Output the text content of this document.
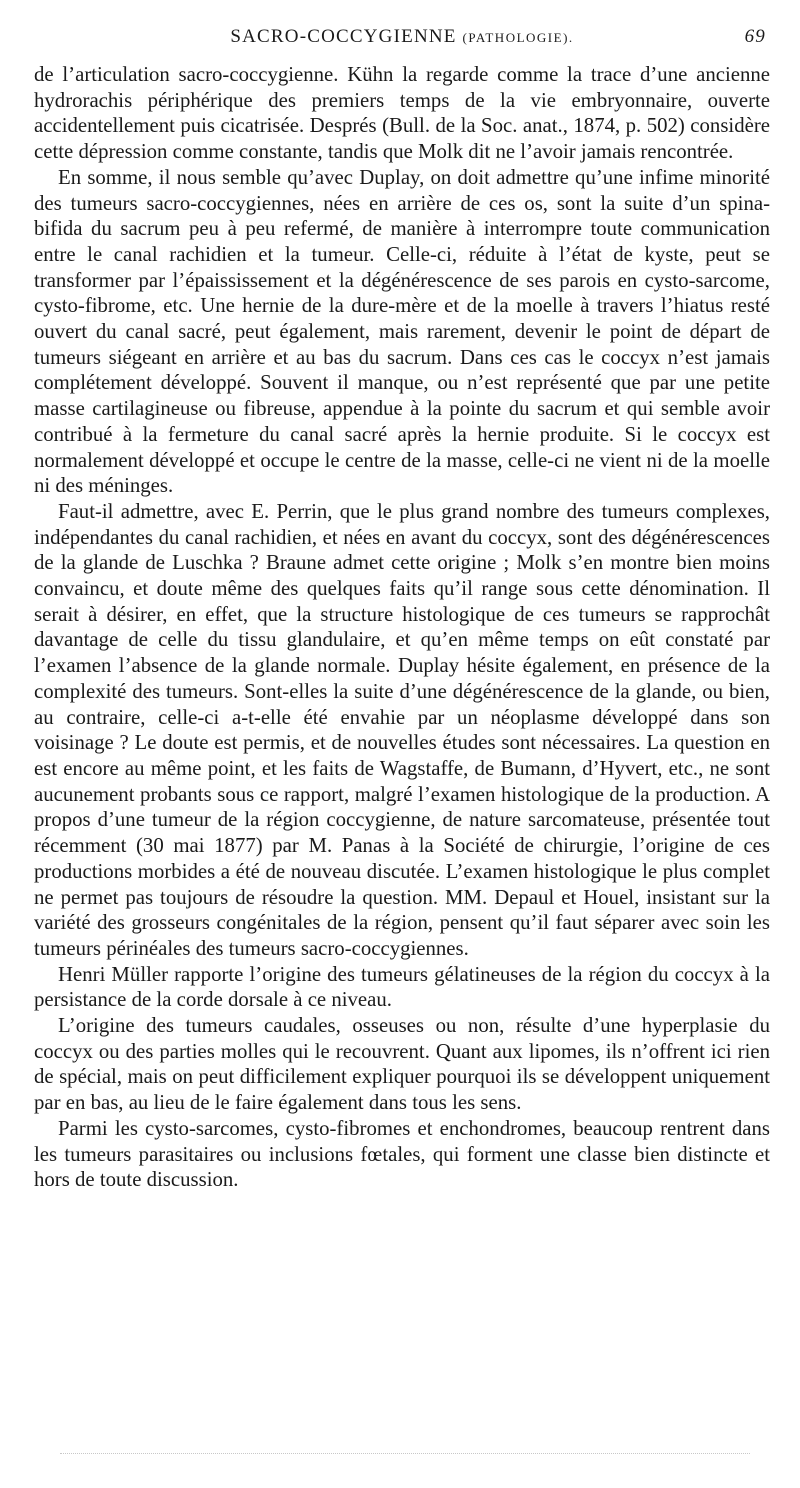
SACRO-COCCYGIENNE (PATHOLOGIE).	69

de l’articulation sacro-coccygienne. Kühn la regarde comme la trace d’une ancienne hydrorachis périphérique des premiers temps de la vie embryonnaire, ouverte accidentellement puis cicatrisée. Després (Bull. de la Soc. anat., 1874, p. 502) considère cette dépression comme constante, tandis que Molk dit ne l’avoir jamais rencontrée.

En somme, il nous semble qu’avec Duplay, on doit admettre qu’une infime minorité des tumeurs sacro-coccygiennes, nées en arrière de ces os, sont la suite d’un spina-bifida du sacrum peu à peu refermé, de manière à interrompre toute communication entre le canal rachidien et la tumeur. Celle-ci, réduite à l’état de kyste, peut se transformer par l’épaississement et la dégénérescence de ses parois en cysto-sarcome, cysto-fibrome, etc. Une hernie de la dure-mère et de la moelle à travers l’hiatus resté ouvert du canal sacré, peut également, mais rarement, devenir le point de départ de tumeurs siégeant en arrière et au bas du sacrum. Dans ces cas le coccyx n’est jamais complétement développé. Souvent il manque, ou n’est représenté que par une petite masse cartilagineuse ou fibreuse, appendue à la pointe du sacrum et qui semble avoir contribué à la fermeture du canal sacré après la hernie produite. Si le coccyx est normalement développé et occupe le centre de la masse, celle-ci ne vient ni de la moelle ni des méninges.

Faut-il admettre, avec E. Perrin, que le plus grand nombre des tumeurs complexes, indépendantes du canal rachidien, et nées en avant du coccyx, sont des dégénérescences de la glande de Luschka ? Braune admet cette origine ; Molk s’en montre bien moins convaincu, et doute même des quelques faits qu’il range sous cette dénomination. Il serait à désirer, en effet, que la structure histologique de ces tumeurs se rapprochât davantage de celle du tissu glandulaire, et qu’en même temps on eût constaté par l’examen l’absence de la glande normale. Duplay hésite également, en présence de la complexité des tumeurs. Sont-elles la suite d’une dégénérescence de la glande, ou bien, au contraire, celle-ci a-t-elle été envahie par un néoplasme développé dans son voisinage ? Le doute est permis, et de nouvelles études sont nécessaires. La question en est encore au même point, et les faits de Wagstaffe, de Bumann, d’Hyvert, etc., ne sont aucunement probants sous ce rapport, malgré l’examen histologique de la production. A propos d’une tumeur de la région coccygienne, de nature sarcomateuse, présentée tout récemment (30 mai 1877) par M. Panas à la Société de chirurgie, l’origine de ces productions morbides a été de nouveau discutée. L’examen histologique le plus complet ne permet pas toujours de résoudre la question. MM. Depaul et Houel, insistant sur la variété des grosseurs congénitales de la région, pensent qu’il faut séparer avec soin les tumeurs périnéales des tumeurs sacro-coccygiennes.

Henri Müller rapporte l’origine des tumeurs gélatineuses de la région du coccyx à la persistance de la corde dorsale à ce niveau.

L’origine des tumeurs caudales, osseuses ou non, résulte d’une hyperplasie du coccyx ou des parties molles qui le recouvrent. Quant aux lipomes, ils n’offrent ici rien de spécial, mais on peut difficilement expliquer pourquoi ils se développent uniquement par en bas, au lieu de le faire également dans tous les sens.

Parmi les cysto-sarcomes, cysto-fibromes et enchondromes, beaucoup rentrent dans les tumeurs parasitaires ou inclusions fœtales, qui forment une classe bien distincte et hors de toute discussion.
